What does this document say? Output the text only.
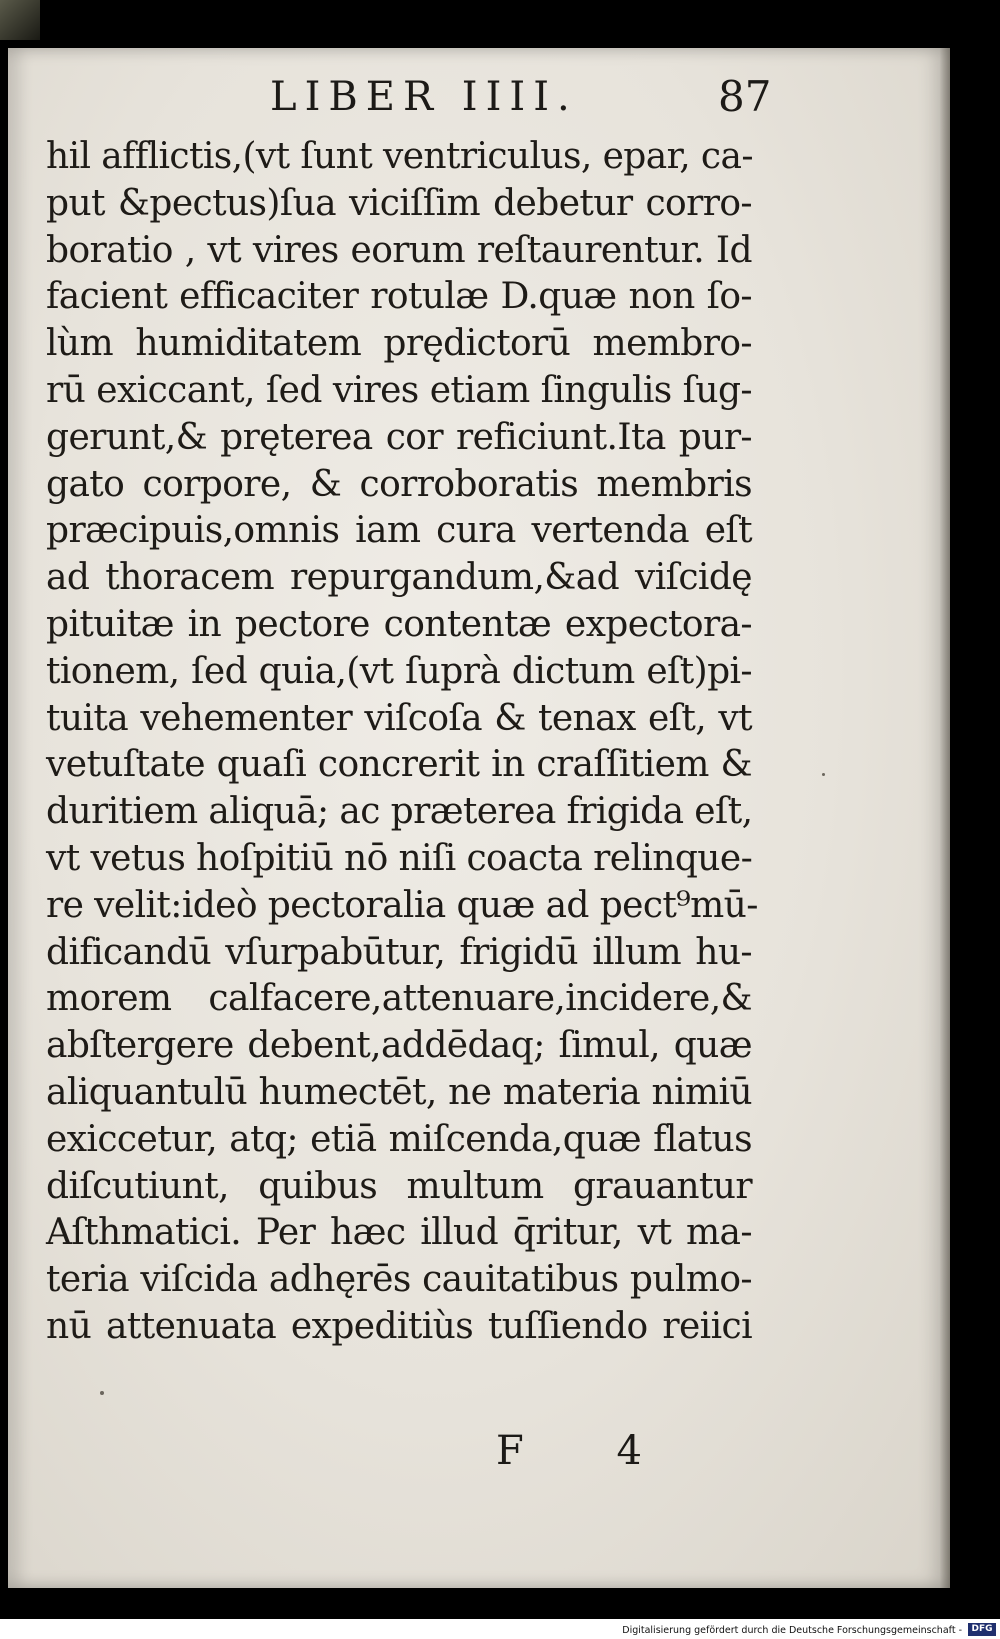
LIBER IIII.	87
hil afflictis,(vt ſunt ventriculus, epar, ca-
put &pectus)ſua viciſſim debetur corro-
boratio , vt vires eorum reſtaurentur. Id
facient efficaciter rotulæ D.quæ non ſo-
lùm humiditatem prędictorū membro-
rū exiccant, ſed vires etiam ſingulis ſug-
gerunt,& pręterea cor reficiunt.Ita pur-
gato corpore, & corroboratis membris
præcipuis,omnis iam cura vertenda eſt
ad thoracem repurgandum,&ad viſcidę
pituitæ in pectore contentæ expectora-
tionem, ſed quia,(vt ſuprà dictum eſt)pi-
tuita vehementer viſcoſa & tenax eſt, vt
vetuſtate quaſi concrerit in craſſitiem &
duritiem aliquā; ac præterea frigida eſt,
vt vetus hoſpitiū nō niſi coacta relinque-
re velit:ideò pectoralia quæ ad pect⁹mū-
dificandū vſurpabūtur, frigidū illum hu-
morem calfacere,attenuare,incidere,&
abſtergere debent,addēdaq; ſimul, quæ
aliquantulū humectēt, ne materia nimiū
exiccetur, atq; etiā miſcenda,quæ flatus
diſcutiunt, quibus multum grauantur
Aſthmatici. Per hæc illud q̄ritur, vt ma-
teria viſcida adhęrēs cauitatibus pulmo-
nū attenuata expeditiùs tuſſiendo reiici
F 4
Digitalisierung gefördert durch die Deutsche Forschungsgemeinschaft -	DFG
